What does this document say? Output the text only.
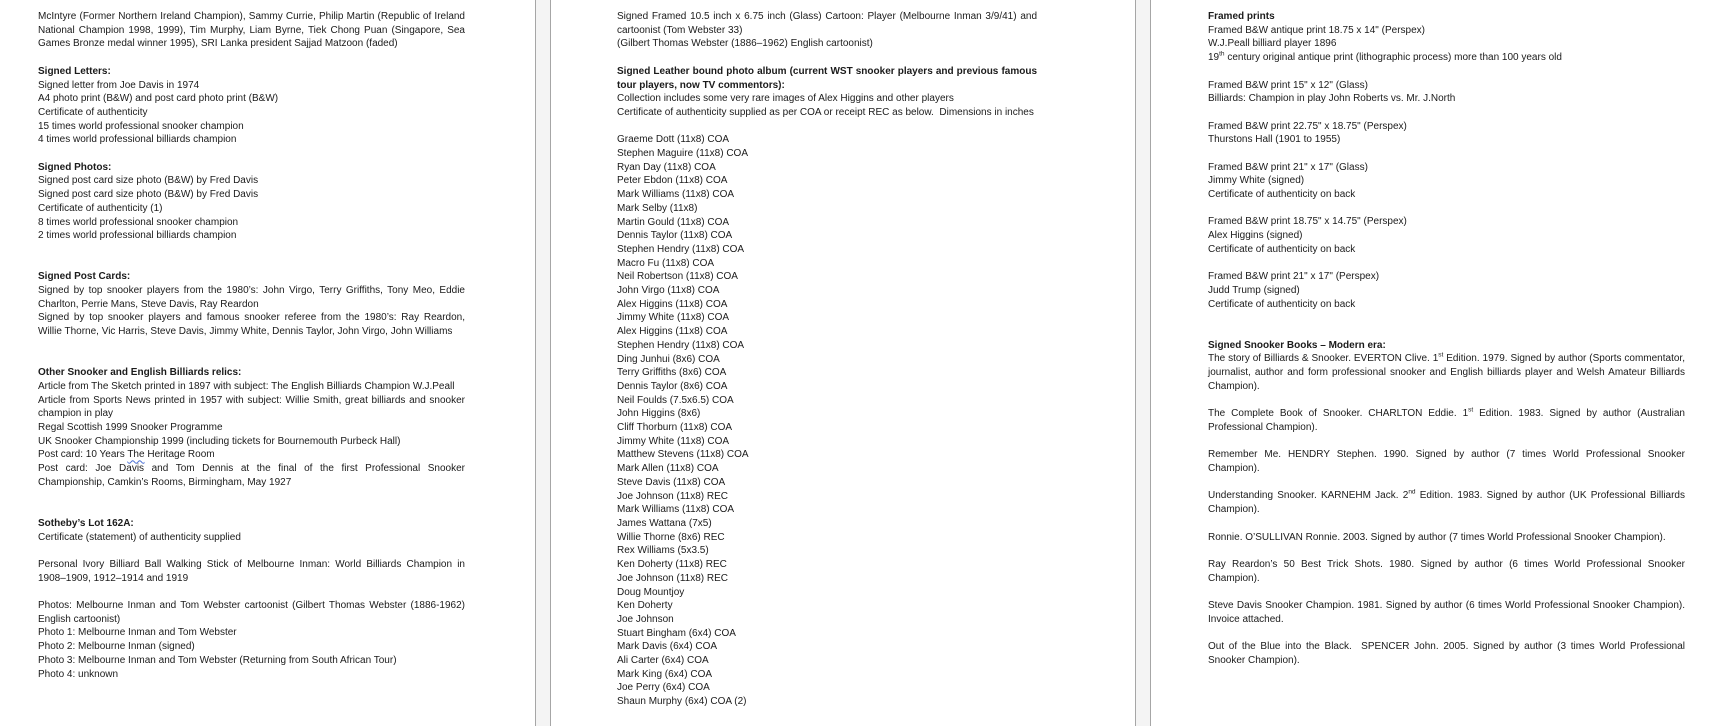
McIntyre (Former Northern Ireland Champion), Sammy Currie, Philip Martin (Republic of Ireland National Champion 1998, 1999), Tim Murphy, Liam Byrne, Tiek Chong Puan (Singapore, Sea Games Bronze medal winner 1995), SRI Lanka president Sajjad Matzoon (faded)
Signed Letters:
Signed letter from Joe Davis in 1974
A4 photo print (B&W) and post card photo print (B&W)
Certificate of authenticity
15 times world professional snooker champion
4 times world professional billiards champion
Signed Photos:
Signed post card size photo (B&W) by Fred Davis
Signed post card size photo (B&W) by Fred Davis
Certificate of authenticity (1)
8 times world professional snooker champion
2 times world professional billiards champion
Signed Post Cards:
Signed by top snooker players from the 1980’s: John Virgo, Terry Griffiths, Tony Meo, Eddie Charlton, Perrie Mans, Steve Davis, Ray Reardon
Signed by top snooker players and famous snooker referee from the 1980’s: Ray Reardon, Willie Thorne, Vic Harris, Steve Davis, Jimmy White, Dennis Taylor, John Virgo, John Williams
Other Snooker and English Billiards relics:
Article from The Sketch printed in 1897 with subject: The English Billiards Champion W.J.Peall
Article from Sports News printed in 1957 with subject: Willie Smith, great billiards and snooker champion in play
Regal Scottish 1999 Snooker Programme
UK Snooker Championship 1999 (including tickets for Bournemouth Purbeck Hall)
Post card: 10 Years The Heritage Room
Post card: Joe Davis and Tom Dennis at the final of the first Professional Snooker Championship, Camkin’s Rooms, Birmingham, May 1927
Sotheby’s Lot 162A:
Certificate (statement) of authenticity supplied
Personal Ivory Billiard Ball Walking Stick of Melbourne Inman: World Billiards Champion in 1908–1909, 1912–1914 and 1919
Photos: Melbourne Inman and Tom Webster cartoonist (Gilbert Thomas Webster (1886-1962) English cartoonist)
Photo 1: Melbourne Inman and Tom Webster
Photo 2: Melbourne Inman (signed)
Photo 3: Melbourne Inman and Tom Webster (Returning from South African Tour)
Photo 4: unknown
Signed Framed 10.5 inch x 6.75 inch (Glass) Cartoon: Player (Melbourne Inman 3/9/41) and cartoonist (Tom Webster 33)
(Gilbert Thomas Webster (1886–1962) English cartoonist)
Signed Leather bound photo album (current WST snooker players and previous famous tour players, now TV commentors):
Collection includes some very rare images of Alex Higgins and other players
Certificate of authenticity supplied as per COA or receipt REC as below.  Dimensions in inches
Graeme Dott (11x8) COA
Stephen Maguire (11x8) COA
Ryan Day (11x8) COA
Peter Ebdon (11x8) COA
Mark Williams (11x8) COA
Mark Selby (11x8)
Martin Gould (11x8) COA
Dennis Taylor (11x8) COA
Stephen Hendry (11x8) COA
Macro Fu (11x8) COA
Neil Robertson (11x8) COA
John Virgo (11x8) COA
Alex Higgins (11x8) COA
Jimmy White (11x8) COA
Alex Higgins (11x8) COA
Stephen Hendry (11x8) COA
Ding Junhui (8x6) COA
Terry Griffiths (8x6) COA
Dennis Taylor (8x6) COA
Neil Foulds (7.5x6.5) COA
John Higgins (8x6)
Cliff Thorburn (11x8) COA
Jimmy White (11x8) COA
Matthew Stevens (11x8) COA
Mark Allen (11x8) COA
Steve Davis (11x8) COA
Joe Johnson (11x8) REC
Mark Williams (11x8) COA
James Wattana (7x5)
Willie Thorne (8x6) REC
Rex Williams (5x3.5)
Ken Doherty (11x8) REC
Joe Johnson (11x8) REC
Doug Mountjoy
Ken Doherty
Joe Johnson
Stuart Bingham (6x4) COA
Mark Davis (6x4) COA
Ali Carter (6x4) COA
Mark King (6x4) COA
Joe Perry (6x4) COA
Shaun Murphy (6x4) COA (2)
Framed prints
Framed B&W antique print 18.75 x 14" (Perspex)
W.J.Peall billiard player 1896
19th century original antique print (lithographic process) more than 100 years old
Framed B&W print 15" x 12" (Glass)
Billiards: Champion in play John Roberts vs. Mr. J.North
Framed B&W print 22.75" x 18.75" (Perspex)
Thurstons Hall (1901 to 1955)
Framed B&W print 21" x 17" (Glass)
Jimmy White (signed)
Certificate of authenticity on back
Framed B&W print 18.75" x 14.75" (Perspex)
Alex Higgins (signed)
Certificate of authenticity on back
Framed B&W print 21" x 17" (Perspex)
Judd Trump (signed)
Certificate of authenticity on back
Signed Snooker Books – Modern era:
The story of Billiards & Snooker. EVERTON Clive. 1st Edition. 1979. Signed by author (Sports commentator, journalist, author and form professional snooker and English billiards player and Welsh Amateur Billiards Champion).
The Complete Book of Snooker. CHARLTON Eddie. 1st Edition. 1983. Signed by author (Australian Professional Champion).
Remember Me. HENDRY Stephen. 1990. Signed by author (7 times World Professional Snooker Champion).
Understanding Snooker. KARNEHM Jack. 2nd Edition. 1983. Signed by author (UK Professional Billiards Champion).
Ronnie. O’SULLIVAN Ronnie. 2003. Signed by author (7 times World Professional Snooker Champion).
Ray Reardon’s 50 Best Trick Shots. 1980. Signed by author (6 times World Professional Snooker Champion).
Steve Davis Snooker Champion. 1981. Signed by author (6 times World Professional Snooker Champion). Invoice attached.
Out of the Blue into the Black.  SPENCER John. 2005. Signed by author (3 times World Professional Snooker Champion).
